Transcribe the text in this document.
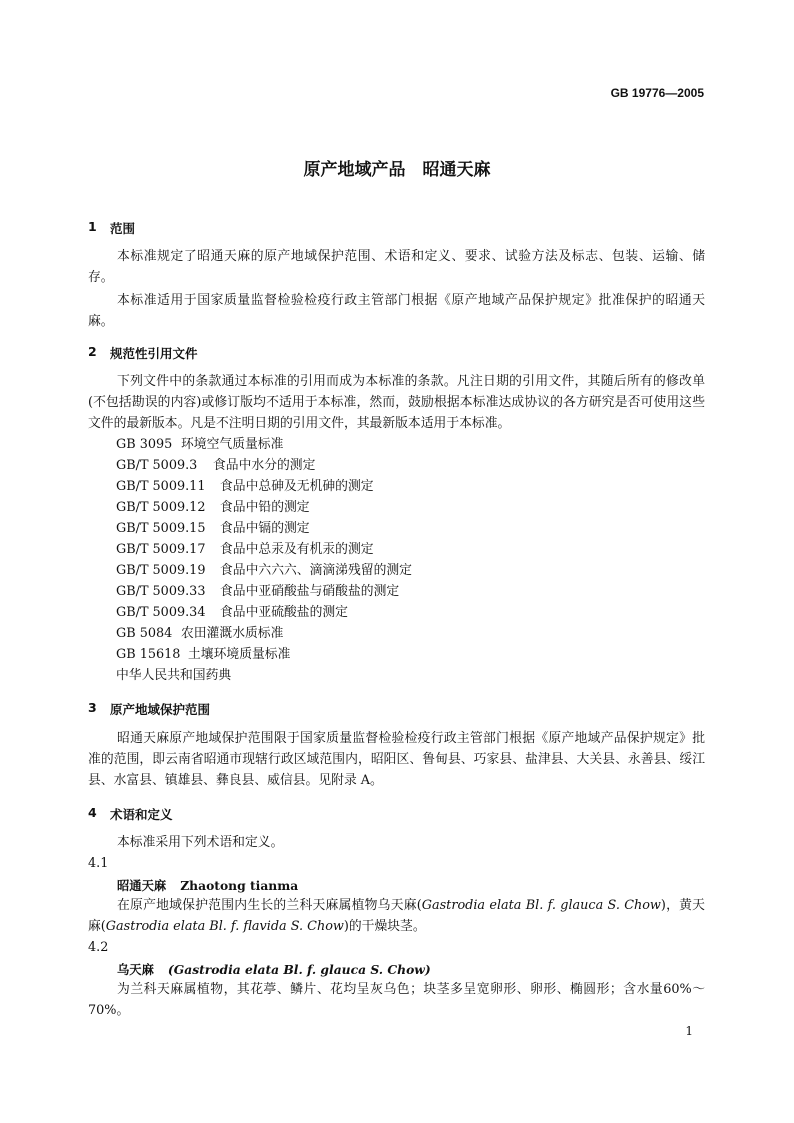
GB 19776—2005
原产地域产品　昭通天麻
1 范围

本标准规定了昭通天麻的原产地域保护范围、术语和定义、要求、试验方法及标志、包装、运输、储存。

本标准适用于国家质量监督检验检疫行政主管部门根据《原产地域产品保护规定》批准保护的昭通天麻。

2 规范性引用文件

下列文件中的条款通过本标准的引用而成为本标准的条款。凡注日期的引用文件，其随后所有的修改单(不包括勘误的内容)或修订版均不适用于本标准，然而，鼓励根据本标准达成协议的各方研究是否可使用这些文件的最新版本。凡是不注明日期的引用文件，其最新版本适用于本标准。

GB 3095 环境空气质量标准
GB/T 5009.3 食品中水分的测定
GB/T 5009.11 食品中总砷及无机砷的测定
GB/T 5009.12 食品中铅的测定
GB/T 5009.15 食品中镉的测定
GB/T 5009.17 食品中总汞及有机汞的测定
GB/T 5009.19 食品中六六六、滴滴涕残留的测定
GB/T 5009.33 食品中亚硝酸盐与硝酸盐的测定
GB/T 5009.34 食品中亚硫酸盐的测定
GB 5084 农田灌溉水质标准
GB 15618 土壤环境质量标准
中华人民共和国药典
3 原产地域保护范围

昭通天麻原产地域保护范围限于国家质量监督检验检疫行政主管部门根据《原产地域产品保护规定》批准的范围，即云南省昭通市现辖行政区域范围内，昭阳区、鲁甸县、巧家县、盐津县、大关县、永善县、绥江县、水富县、镇雄县、彝良县、威信县。见附录 A。

4 术语和定义
本标准采用下列术语和定义。
4.1
昭通天麻 Zhaotong tianma

在原产地域保护范围内生长的兰科天麻属植物乌天麻(Gastrodia elata Bl. f. glauca S. Chow)，黄天麻(Gastrodia elata Bl. f. flavida S. Chow)的干燥块茎。

4.2
乌天麻 (Gastrodia elata Bl. f. glauca S. Chow)

为兰科天麻属植物，其花葶、鳞片、花均呈灰乌色；块茎多呈宽卵形、卵形、椭圆形；含水量60%～70%。

1
